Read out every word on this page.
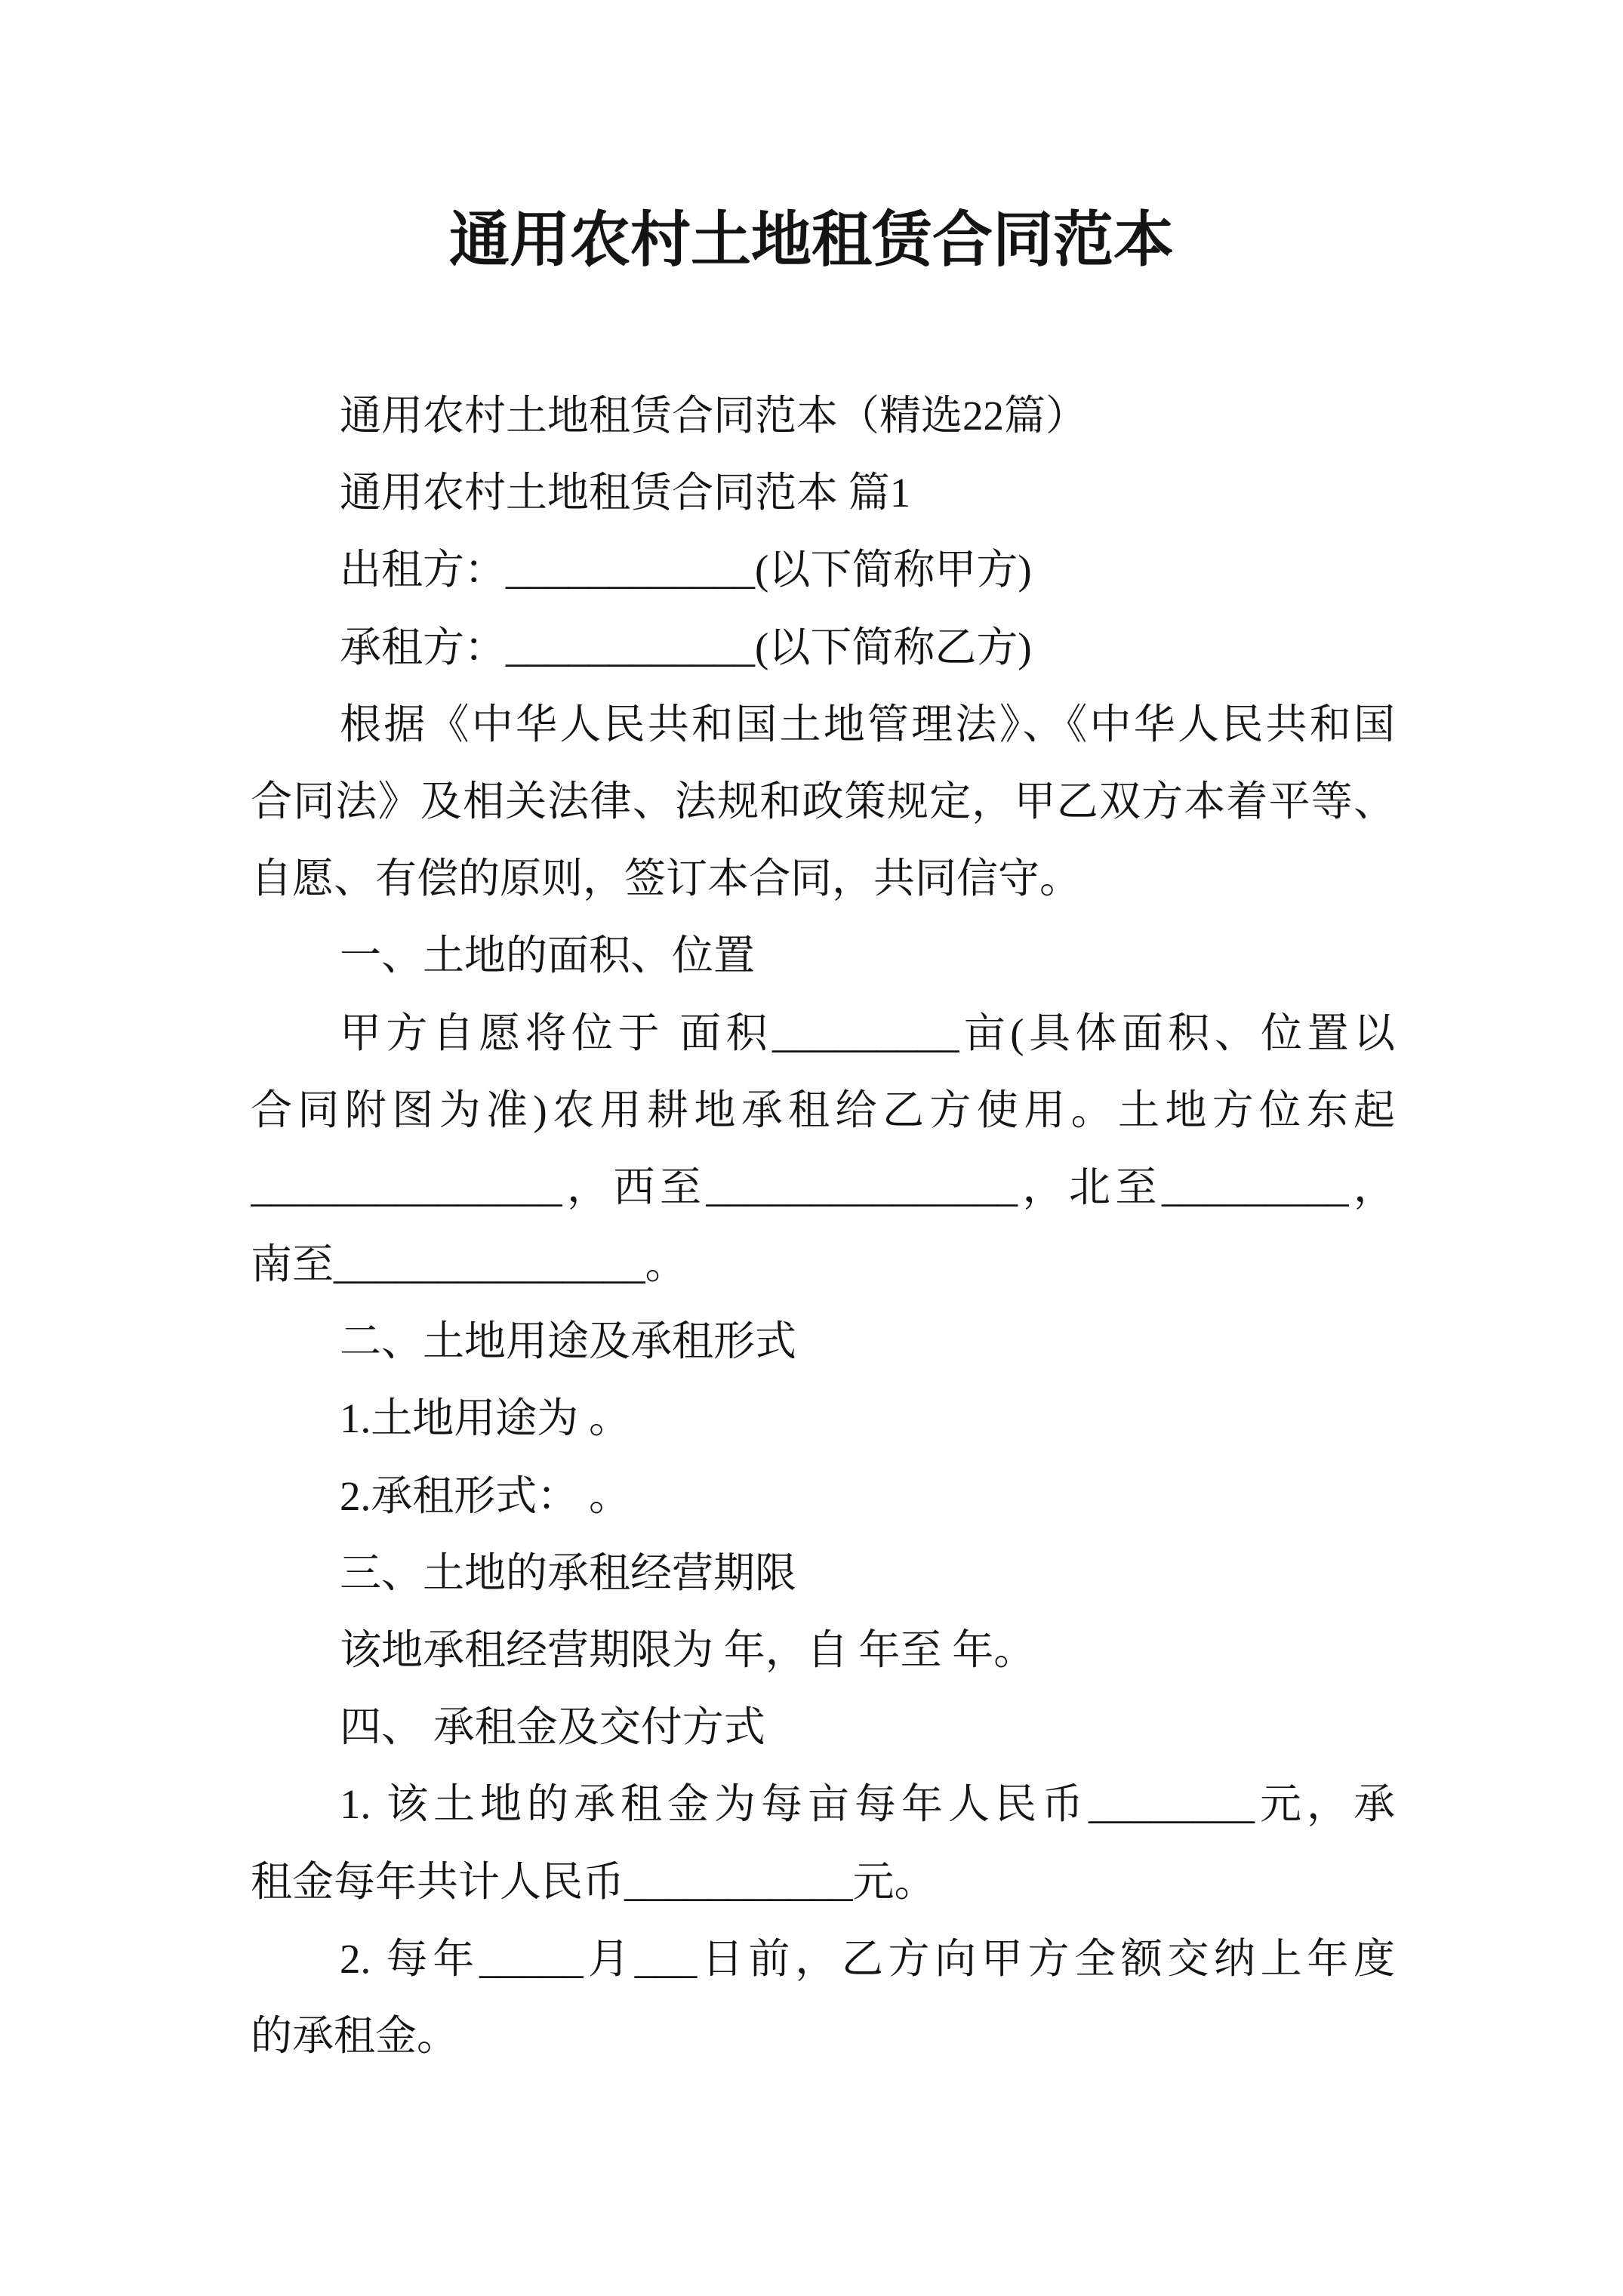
通用农村土地租赁合同范本
通用农村土地租赁合同范本（精选22篇）
通用农村土地租赁合同范本 篇1
出租方：____________(以下简称甲方)
承租方：____________(以下简称乙方)
根据《中华人民共和国土地管理法》、《中华人民共和国
合同法》及相关法律、法规和政策规定，甲乙双方本着平等、
自愿、有偿的原则，签订本合同，共同信守。
一、土地的面积、位置
甲方自愿将位于 面积_________亩(具体面积、位置以
合同附图为准)农用耕地承租给乙方使用。土地方位东起
_______________，西至_______________，北至_________，
南至_______________。
二、土地用途及承租形式
1.土地用途为 。
2.承租形式： 。
三、土地的承租经营期限
该地承租经营期限为 年，自 年至 年。
四、 承租金及交付方式
1. 该土地的承租金为每亩每年人民币________元，承
租金每年共计人民币___________元。
2. 每年_____月___日前，乙方向甲方全额交纳上年度
的承租金。
